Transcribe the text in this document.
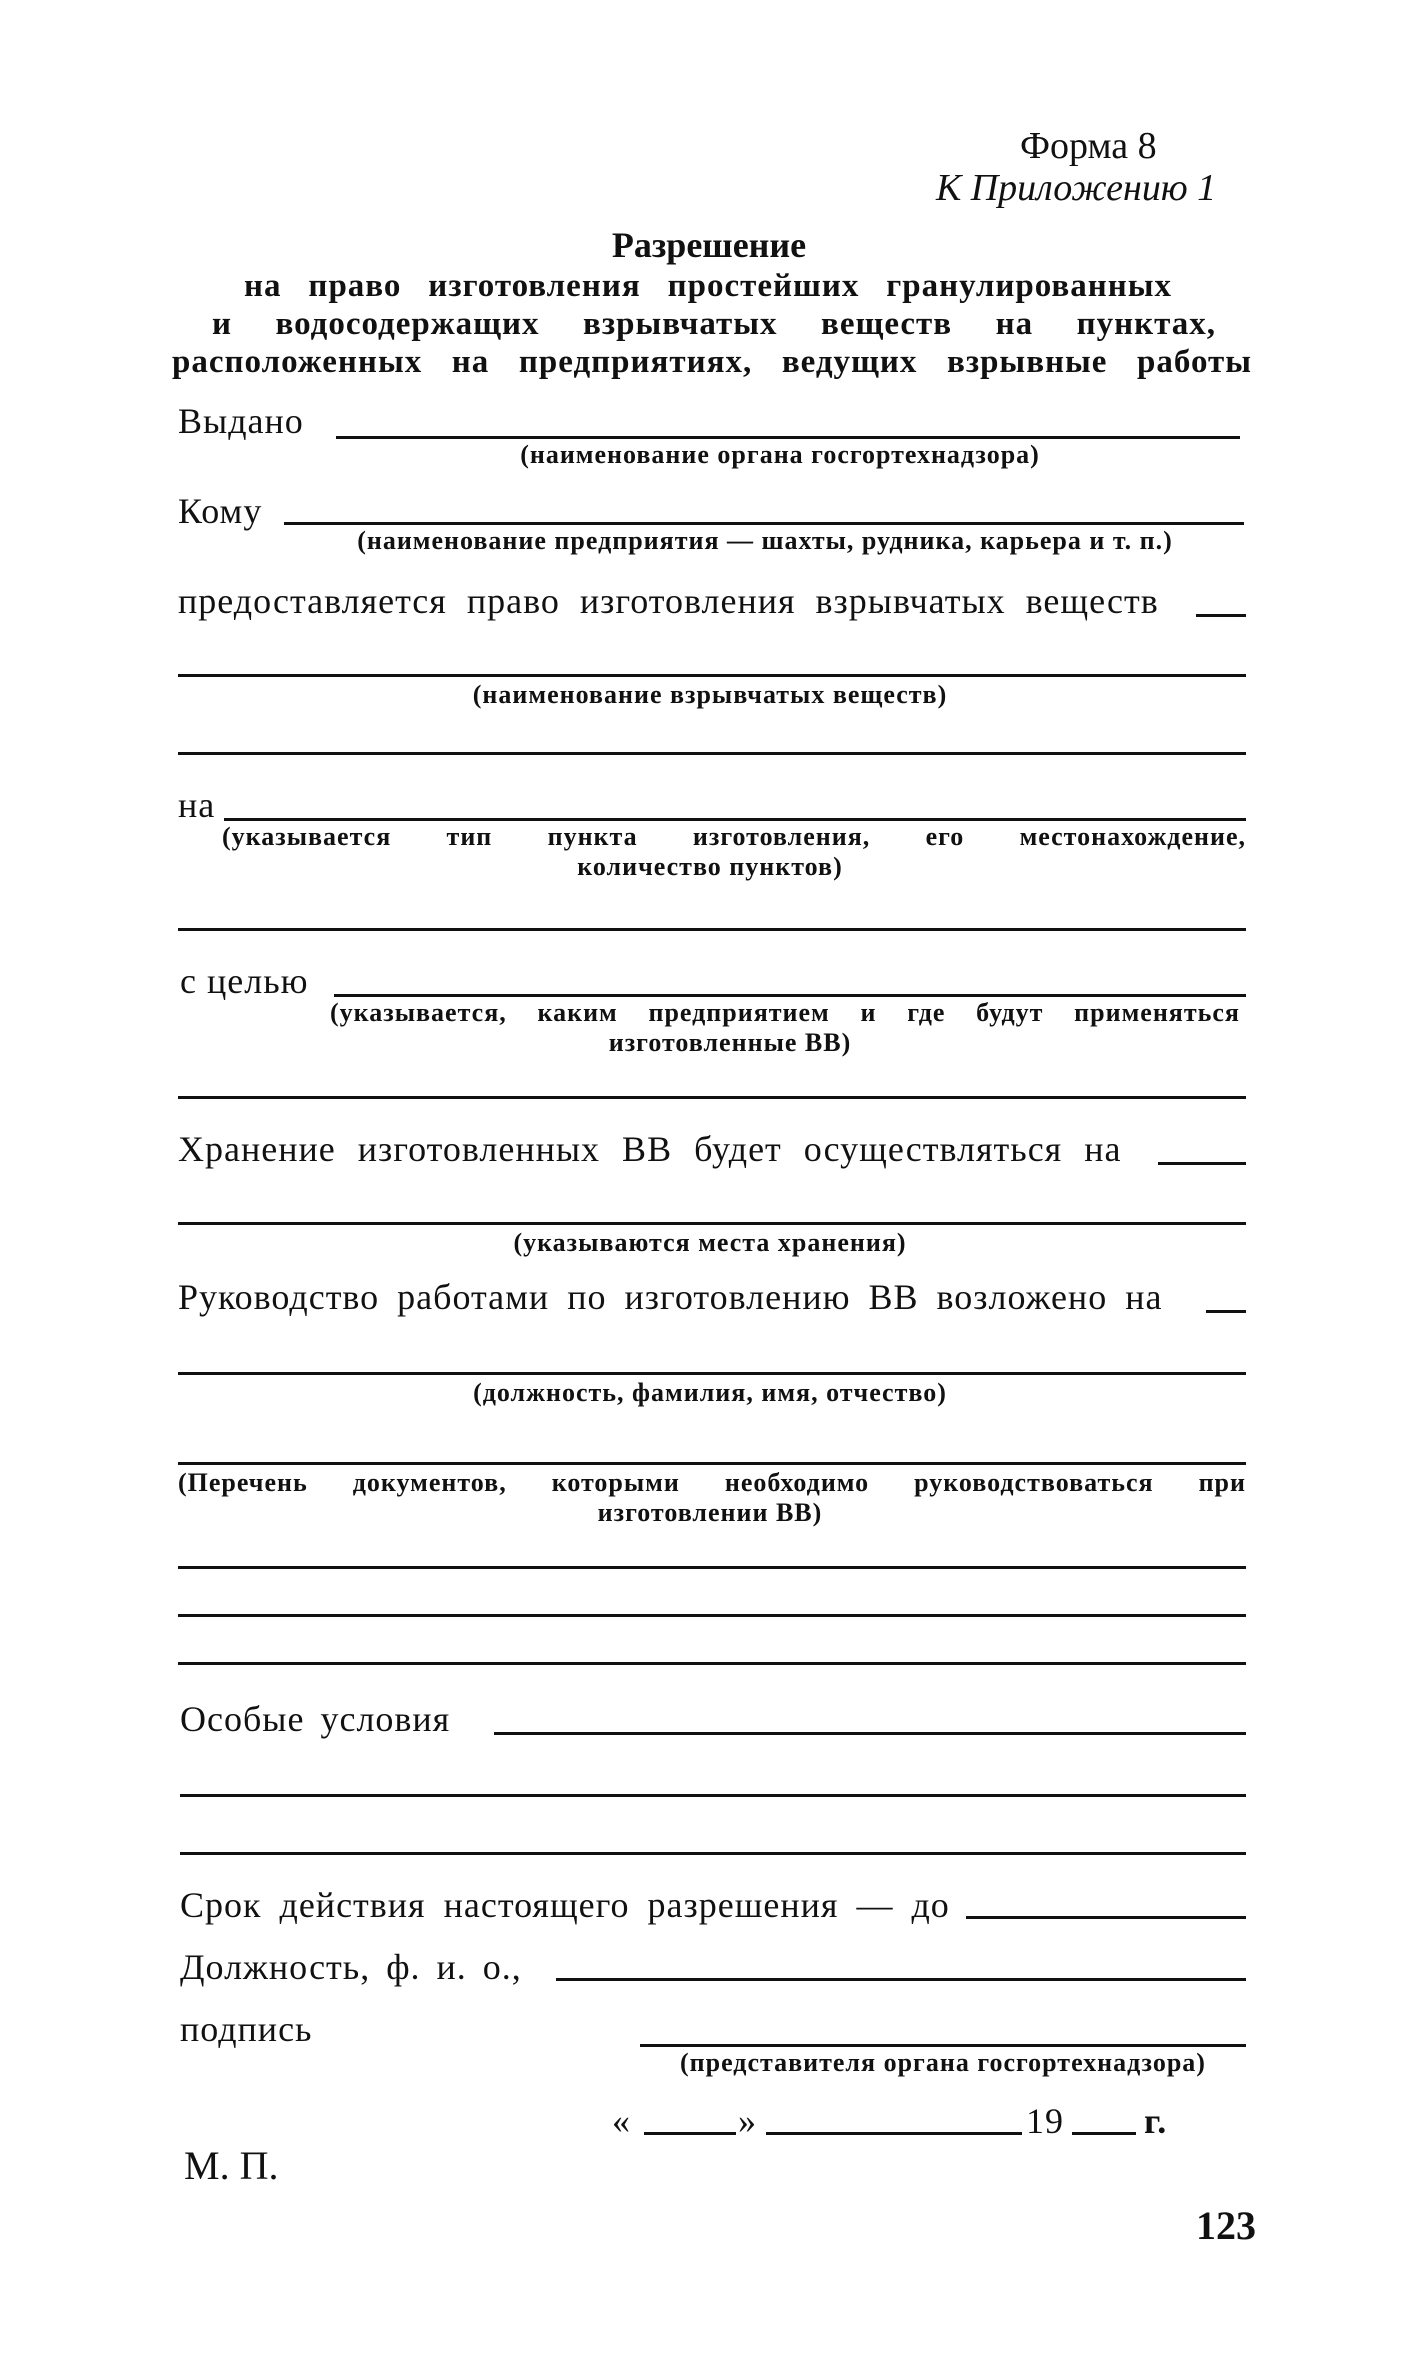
Форма 8
К Приложению 1
Разрешение
на право изготовления простейших гранулированных
и водосодержащих взрывчатых веществ на пунктах,
расположенных на предприятиях, ведущих взрывные работы
Выдано
(наименование органа госгортехнадзора)
Кому
(наименование предприятия — шахты, рудника, карьера и т. п.)
предоставляется право изготовления взрывчатых веществ
(наименование взрывчатых веществ)
на
(указывается тип пункта изготовления, его местонахождение,
количество пунктов)
с целью
(указывается, каким предприятием и где будут применяться
изготовленные ВВ)
Хранение изготовленных ВВ будет осуществляться на
(указываются места хранения)
Руководство работами по изготовлению ВВ возложено на
(должность, фамилия, имя, отчество)
(Перечень документов, которыми необходимо руководствоваться при
изготовлении ВВ)
Особые условия
Срок действия настоящего разрешения — до
Должность, ф. и. о.,
подпись
(представителя органа госгортехнадзора)
«	»	19 г.
М. П.
123
